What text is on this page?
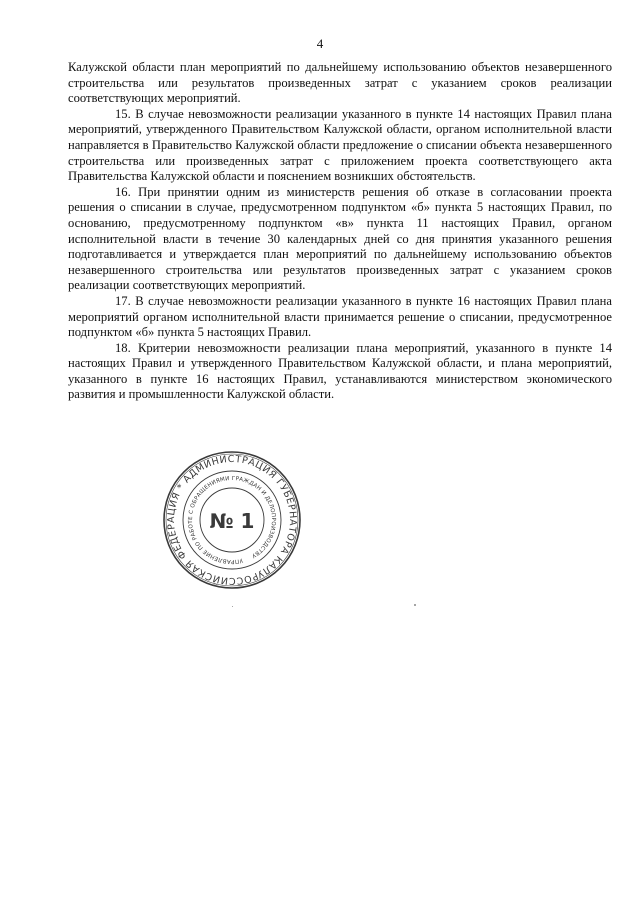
4

Калужской области план мероприятий по дальнейшему использованию объектов незавершенного строительства или результатов произведенных затрат с указанием сроков реализации соответствующих мероприятий.

15. В случае невозможности реализации указанного в пункте 14 настоящих Правил плана мероприятий, утвержденного Правительством Калужской области, органом исполнительной власти направляется в Правительство Калужской области предложение о списании объекта незавершенного строительства или произведенных затрат с приложением проекта соответствующего акта Правительства Калужской области и пояснением возникших обстоятельств.

16. При принятии одним из министерств решения об отказе в согласовании проекта решения о списании в случае, предусмотренном подпунктом «б» пункта 5 настоящих Правил, по основанию, предусмотренному подпунктом «в» пункта 11 настоящих Правил, органом исполнительной власти в течение 30 календарных дней со дня принятия указанного решения подготавливается и утверждается план мероприятий по дальнейшему использованию объектов незавершенного строительства или результатов произведенных затрат с указанием сроков реализации соответствующих мероприятий.

17. В случае невозможности реализации указанного в пункте 16 настоящих Правил плана мероприятий органом исполнительной власти принимается решение о списании, предусмотренное подпунктом «б» пункта 5 настоящих Правил.

18. Критерии невозможности реализации плана мероприятий, указанного в пункте 14 настоящих Правил и утвержденного Правительством Калужской области, и плана мероприятий, указанного в пункте 16 настоящих Правил, устанавливаются министерством экономического развития и промышленности Калужской области.

РОССИЙСКАЯ ФЕДЕРАЦИЯ * АДМИНИСТРАЦИЯ ГУБЕРНАТОРА КАЛУЖСКОЙ
УПРАВЛЕНИЕ ПО РАБОТЕ С ОБРАЩЕНИЯМИ ГРАЖДАН И ДЕЛОПРОИЗВОДСТВУ
№ 1
